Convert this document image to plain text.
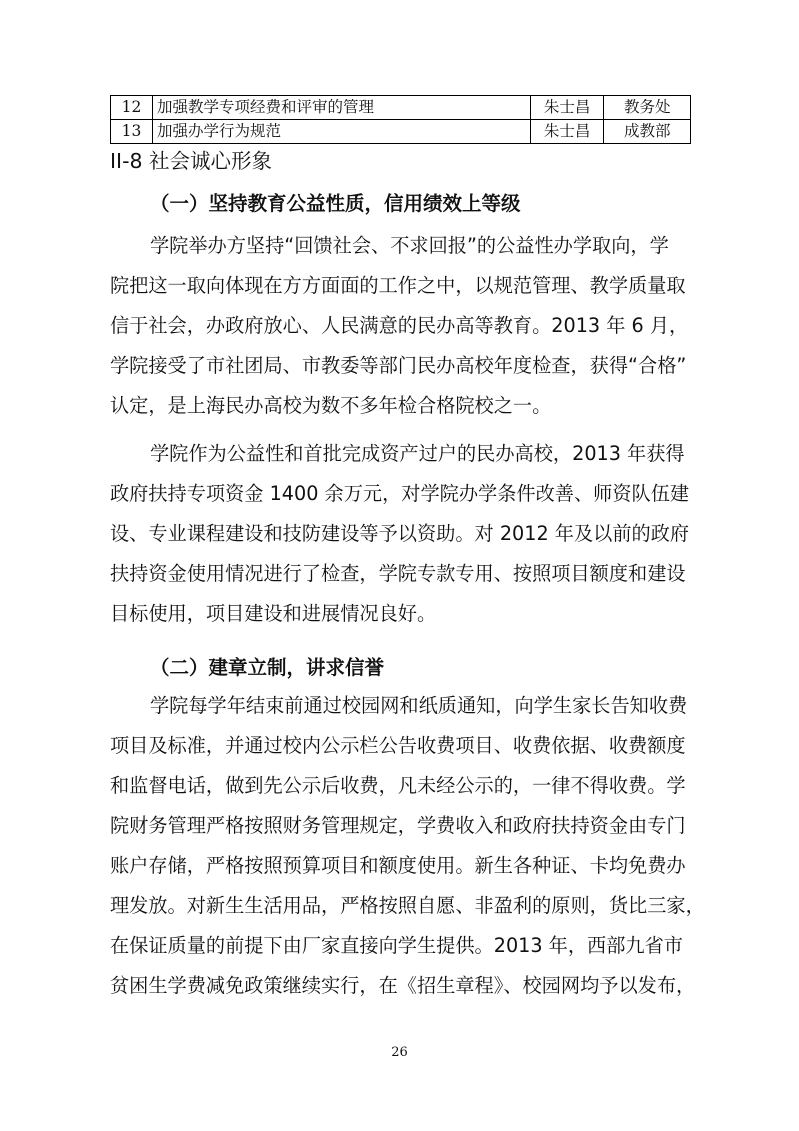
12	加强教学专项经费和评审的管理	朱士昌	教务处
13	加强办学行为规范	朱士昌	成教部
II-8 社会诚心形象
（一）坚持教育公益性质，信用绩效上等级

学院举办方坚持“回馈社会、不求回报”的公益性办学取向，学
院把这一取向体现在方方面面的工作之中，以规范管理、教学质量取
信于社会，办政府放心、人民满意的民办高等教育。2013 年 6 月，
学院接受了市社团局、市教委等部门民办高校年度检查，获得“合格”
认定，是上海民办高校为数不多年检合格院校之一。

学院作为公益性和首批完成资产过户的民办高校，2013 年获得
政府扶持专项资金 1400 余万元，对学院办学条件改善、师资队伍建
设、专业课程建设和技防建设等予以资助。对 2012 年及以前的政府
扶持资金使用情况进行了检查，学院专款专用、按照项目额度和建设
目标使用，项目建设和进展情况良好。

（二）建章立制，讲求信誉

学院每学年结束前通过校园网和纸质通知，向学生家长告知收费
项目及标准，并通过校内公示栏公告收费项目、收费依据、收费额度
和监督电话，做到先公示后收费，凡未经公示的，一律不得收费。学
院财务管理严格按照财务管理规定，学费收入和政府扶持资金由专门
账户存储，严格按照预算项目和额度使用。新生各种证、卡均免费办
理发放。对新生生活用品，严格按照自愿、非盈利的原则，货比三家，
在保证质量的前提下由厂家直接向学生提供。2013 年，西部九省市
贫困生学费减免政策继续实行，在《招生章程》、校园网均予以发布，

26
